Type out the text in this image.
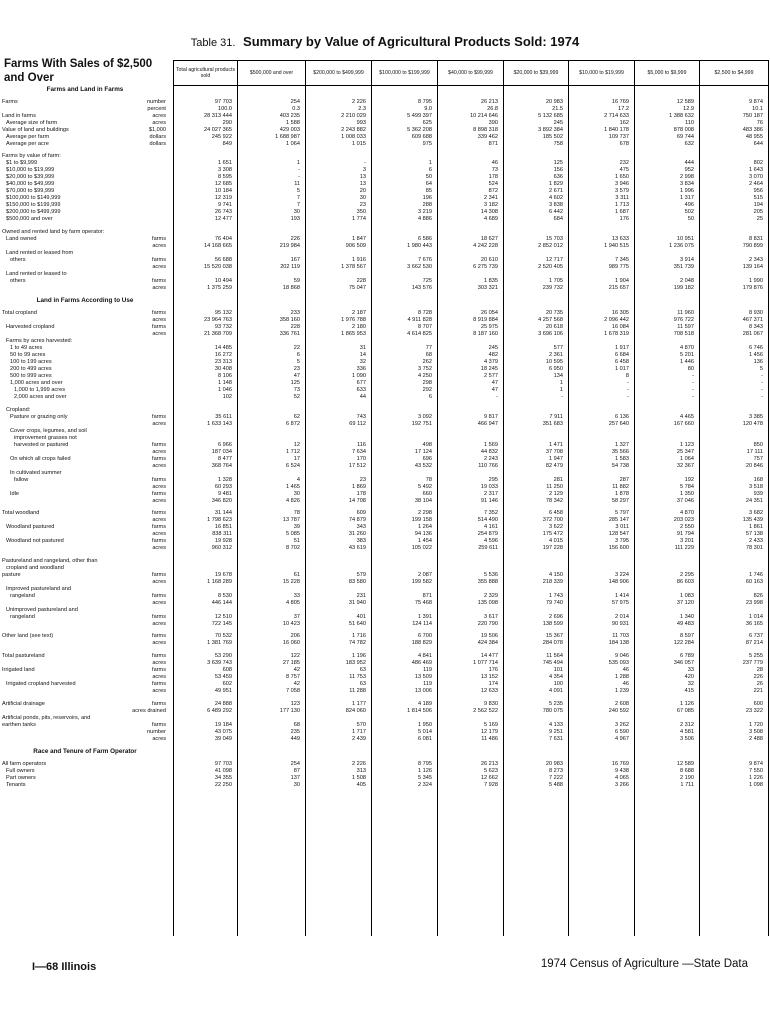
Table 31. Summary by Value of Agricultural Products Sold: 1974
Farms With Sales of $2,500 and Over
Total agricultural products sold	$500,000 and over	$200,000 to $499,999	$100,000 to $199,999	$40,000 to $99,999	$20,000 to $39,999	$10,000 to $19,999	$5,000 to $9,999	$2,500 to $4,999
Farms and Land in Farms
Farms	number	97 703	254	2 226	8 795	26 213	20 983	16 769	12 589	9 874
percent	100.0	0.3	2.3	9.0	26.8	21.5	17.2	12.9	10.1
Land in farms	acres	28 313 444	403 235	2 210 029	5 499 397	10 214 646	5 132 685	2 714 633	1 388 632	750 187
Average size of farm	acres	290	1 588	993	625	390	245	162	110	76
Value of land and buildings	$1,000	24 027 365	429 003	2 243 882	5 362 208	8 898 318	3 892 384	1 840 178	878 008	483 386
Average per farm	dollars	245 922	1 688 987	1 008 033	609 688	339 462	185 502	109 737	69 744	48 955
Average per acre	dollars	849	1 064	1 015	975	871	758	678	632	644
Farms by value of farm:
$1 to $9,999	1 651	1	-	1	46	125	232	444	802
$10,000 to $19,999	3 308	-	3	6	73	156	475	952	1 643
$20,000 to $39,999	8 595	-	13	50	178	636	1 650	2 998	3 070
$40,000 to $49,999	12 685	11	13	64	524	1 829	3 946	3 834	2 464
$70,000 to $99,999	10 184	5	20	85	872	2 671	3 579	1 996	956
$100,000 to $149,999	12 319	7	30	196	2 341	4 602	3 311	1 317	515
$150,000 to $199,999	9 741	7	23	288	3 182	3 838	1 713	496	194
$200,000 to $499,999	26 743	30	350	3 219	14 308	6 442	1 687	502	205
$500,000 and over	12 477	193	1 774	4 886	4 689	684	176	50	25
Owned and rented land by farm operator:
Land owned	farms	76 404	226	1 847	6 586	18 627	15 703	13 633	10 951	8 831
acres	14 168 665	219 984	906 509	1 980 443	4 242 228	2 852 012	1 940 515	1 236 075	790 899
Land rented or leased from
others	farms	56 688	167	1 916	7 676	20 610	12 717	7 345	3 914	2 343
acres	15 520 038	202 119	1 378 567	3 662 530	6 275 739	2 520 405	989 775	351 739	139 164
Land rented or leased to
others	farms	10 494	59	228	725	1 835	1 705	1 904	2 048	1 990
acres	1 375 259	18 868	75 047	143 576	303 321	239 732	215 657	199 182	179 876
Land in Farms According to Use
Total cropland	farms	95 132	233	2 187	8 728	26 054	20 735	16 305	11 960	8 930
acres	23 964 763	358 160	1 976 788	4 911 828	8 919 884	4 257 568	2 096 442	976 722	467 371
Harvested cropland	farms	93 732	228	2 180	8 707	25 975	20 618	16 084	11 597	8 343
acres	21 368 709	336 761	1 865 953	4 614 825	8 187 160	3 696 106	1 678 319	708 518	281 067
Farms by acres harvested:
1 to 49 acres	14 485	22	31	77	245	577	1 917	4 870	6 746
50 to 99 acres	16 272	6	14	68	482	2 361	6 684	5 201	1 456
100 to 199 acres	23 313	5	32	262	4 379	10 595	6 458	1 446	136
200 to 499 acres	30 408	23	336	3 752	18 245	6 950	1 017	80	5
500 to 999 acres	8 106	47	1 090	4 250	2 577	134	8	-	-
1,000 acres and over	1 148	125	677	298	47	1	-	-	-
1,000 to 1,999 acres	1 046	73	633	292	47	1	-	-	-
2,000 acres and over	102	52	44	6	-	-	-	-	-
Cropland:
Pasture or grazing only	farms	35 611	62	743	3 092	9 817	7 911	6 136	4 465	3 385
acres	1 633 143	6 872	69 112	192 751	466 947	351 683	257 640	167 660	120 478
Cover crops, legumes, and soil
improvement grasses not
harvested or pastured	farms	6 966	12	116	498	1 569	1 471	1 327	1 123	850
acres	187 034	1 712	7 634	17 124	44 832	37 708	35 566	25 347	17 111
On which all crops failed	farms	8 477	17	170	696	2 243	1 947	1 583	1 064	757
acres	368 764	6 524	17 512	43 532	110 766	82 479	54 738	32 367	20 846
In cultivated summer
fallow	farms	1 328	4	23	78	295	281	287	192	168
acres	60 293	1 465	1 869	5 492	19 033	11 250	11 882	5 784	3 518
Idle	farms	9 481	30	178	660	2 317	2 129	1 878	1 350	939
acres	346 820	4 826	14 708	38 104	91 146	78 342	58 297	37 046	24 351
Total woodland	farms	31 144	78	609	2 298	7 352	6 458	5 797	4 870	3 682
acres	1 798 623	13 787	74 879	199 158	514 490	372 700	285 147	203 023	135 439
Woodland pastured	farms	16 851	39	343	1 264	4 161	3 622	3 011	2 550	1 861
acres	838 311	5 085	31 260	94 136	254 879	175 472	128 547	91 794	57 138
Woodland not pastured	farms	19 928	51	383	1 454	4 596	4 015	3 795	3 201	2 433
acres	960 312	8 702	43 619	105 022	259 611	197 228	156 600	111 229	78 301
Pastureland and rangeland, other than
cropland and woodland
pasture	farms	19 678	61	579	2 087	5 536	4 150	3 224	2 295	1 746
acres	1 168 289	15 228	83 580	199 582	355 888	218 339	148 906	86 603	60 163
Improved pastureland and
rangeland	farms	8 530	33	231	871	2 329	1 743	1 414	1 083	826
acres	446 144	4 805	31 940	75 468	135 098	79 740	57 975	37 120	23 998
Unimproved pastureland and
rangeland	farms	12 510	37	401	1 391	3 617	2 696	2 014	1 340	1 014
acres	722 145	10 423	51 640	124 114	220 790	138 599	90 931	49 483	36 165
Other land (see text)	farms	70 532	206	1 716	6 700	19 506	15 367	11 703	8 597	6 737
acres	1 381 769	16 060	74 782	188 829	424 384	284 078	184 138	122 284	87 214
Total pastureland	farms	53 290	122	1 196	4 841	14 477	11 564	9 046	6 789	5 255
acres	3 639 743	27 185	183 952	486 469	1 077 714	745 494	535 093	346 057	237 779
Irrigated land	farms	608	42	63	119	176	101	46	33	28
acres	53 459	8 757	11 753	13 509	13 152	4 354	1 288	420	226
Irrigated cropland harvested	farms	602	42	63	119	174	100	46	32	26
acres	49 951	7 058	11 288	13 006	12 633	4 091	1 239	415	221
Artificial drainage	farms	24 888	123	1 177	4 189	9 830	5 235	2 608	1 126	600
acres drained	6 489 292	177 130	824 060	1 814 506	2 562 522	780 075	240 592	67 085	23 322
Artificial ponds, pits, reservoirs, and
earthen tanks	farms	19 184	68	570	1 950	5 169	4 133	3 262	2 312	1 720
number	43 075	235	1 717	5 014	12 179	9 251	6 590	4 581	3 508
acres	39 049	449	2 439	6 081	11 486	7 631	4 967	3 506	2 488
Race and Tenure of Farm Operator
All farm operators	97 703	254	2 226	8 795	26 213	20 983	16 769	12 589	9 874
Full owners	41 098	87	313	1 126	5 623	8 273	9 438	8 688	7 550
Part owners	34 355	137	1 508	5 345	12 662	7 222	4 065	2 190	1 226
Tenants	22 250	30	405	2 324	7 928	5 488	3 266	1 711	1 098
I—68 Illinois	1974 Census of Agriculture —State Data
